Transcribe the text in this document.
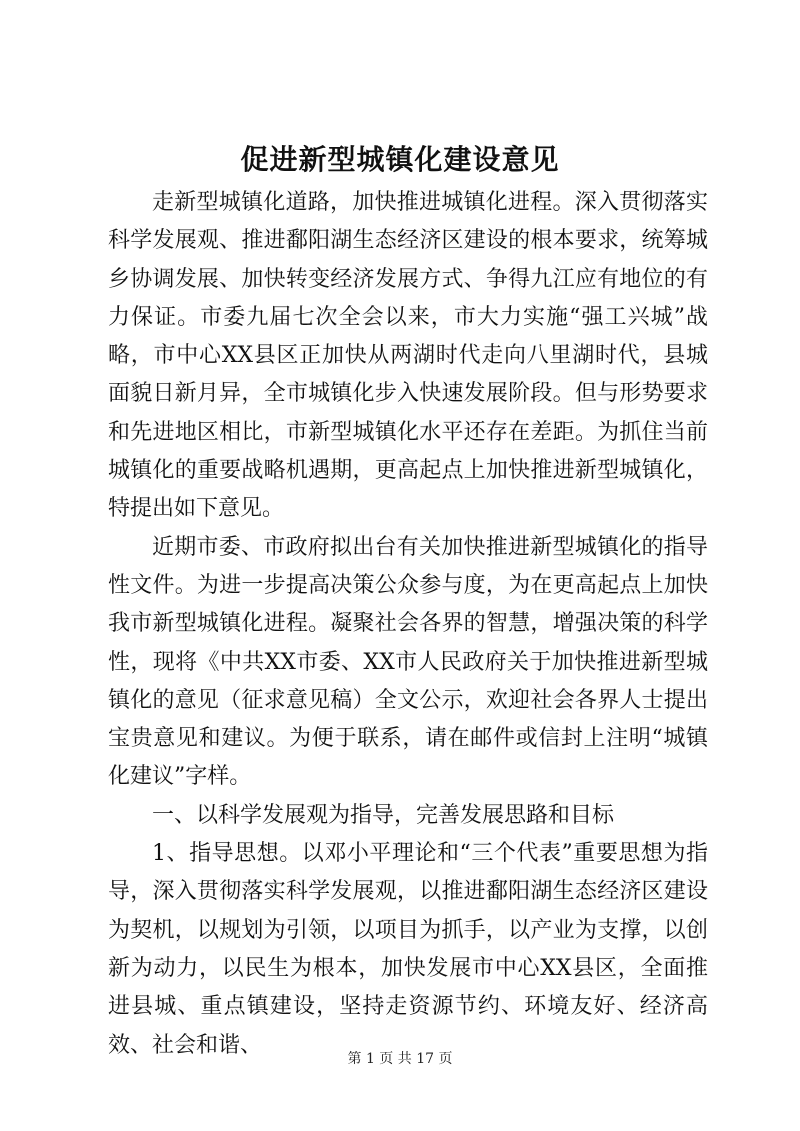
促进新型城镇化建设意见

走新型城镇化道路，加快推进城镇化进程。深入贯彻落实科学发展观、推进鄱阳湖生态经济区建设的根本要求，统筹城乡协调发展、加快转变经济发展方式、争得九江应有地位的有力保证。市委九届七次全会以来，市大力实施“强工兴城”战略，市中心XX县区正加快从两湖时代走向八里湖时代，县城面貌日新月异，全市城镇化步入快速发展阶段。但与形势要求和先进地区相比，市新型城镇化水平还存在差距。为抓住当前城镇化的重要战略机遇期，更高起点上加快推进新型城镇化，特提出如下意见。

近期市委、市政府拟出台有关加快推进新型城镇化的指导性文件。为进一步提高决策公众参与度，为在更高起点上加快我市新型城镇化进程。凝聚社会各界的智慧，增强决策的科学性，现将《中共XX市委、XX市人民政府关于加快推进新型城镇化的意见（征求意见稿）全文公示，欢迎社会各界人士提出宝贵意见和建议。为便于联系，请在邮件或信封上注明“城镇化建议”字样。

一、以科学发展观为指导，完善发展思路和目标

1、指导思想。以邓小平理论和“三个代表”重要思想为指导，深入贯彻落实科学发展观，以推进鄱阳湖生态经济区建设为契机，以规划为引领，以项目为抓手，以产业为支撑，以创新为动力，以民生为根本，加快发展市中心XX县区，全面推进县城、重点镇建设，坚持走资源节约、环境友好、经济高效、社会和谐、

第 1 页 共 17 页
